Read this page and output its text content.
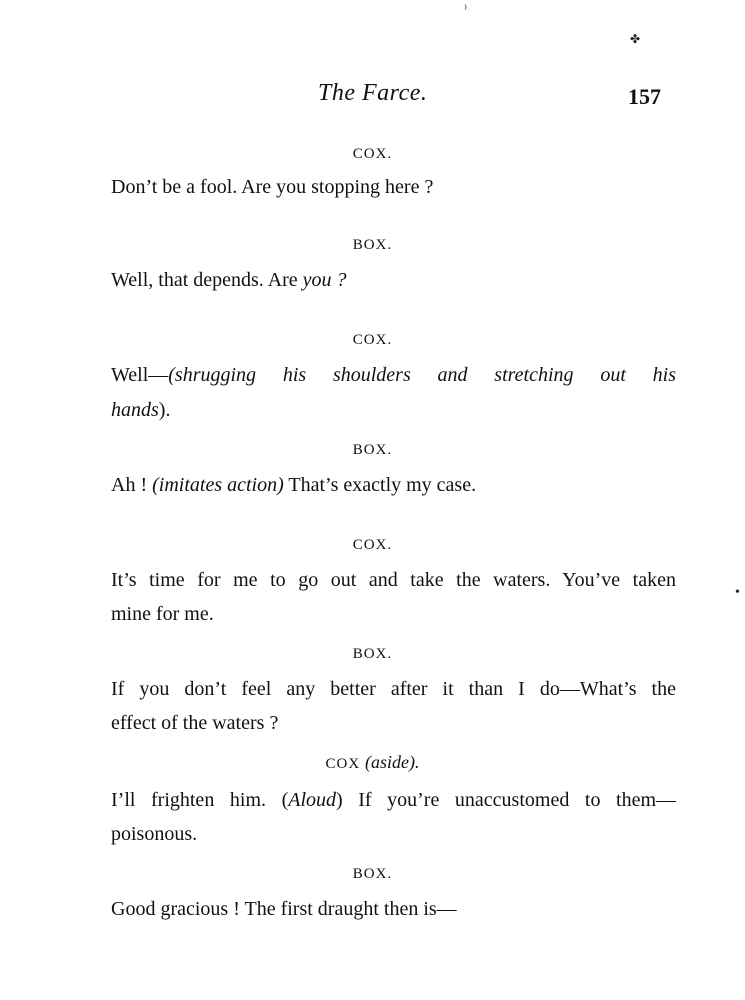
⁾
✤
•
The Farce.	157
COX.
Don’t be a fool. Are you stopping here ?
BOX.
Well, that depends. Are you ?
COX.
Well—(shrugging his shoulders and stretching out his
hands).
BOX.
Ah ! (imitates action) That’s exactly my case.
COX.
It’s time for me to go out and take the waters. You’ve taken
mine for me.
BOX.
If you don’t feel any better after it than I do—What’s the
effect of the waters ?
COX (aside).
I’ll frighten him. (Aloud) If you’re unaccustomed to them—
poisonous.
BOX.
Good gracious ! The first draught then is—
